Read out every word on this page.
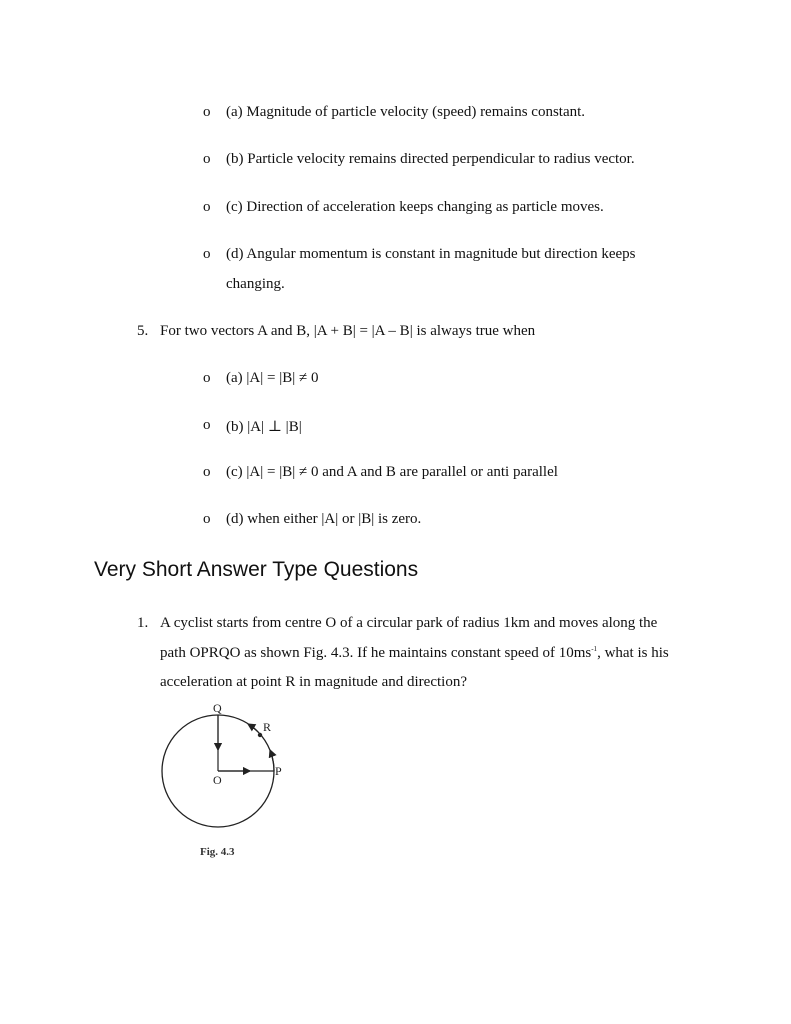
o (a) Magnitude of particle velocity (speed) remains constant.
o (b) Particle velocity remains directed perpendicular to radius vector.
o (c) Direction of acceleration keeps changing as particle moves.
o (d) Angular momentum is constant in magnitude but direction keeps
changing.
5. For two vectors A and B, |A + B| = |A – B| is always true when
o (a) |A| = |B| ≠ 0
o (b) |A| ⊥ |B|
o (c) |A| = |B| ≠ 0 and A and B are parallel or anti parallel
o (d) when either |A| or |B| is zero.
Very Short Answer Type Questions
1. A cyclist starts from centre O of a circular park of radius 1km and moves along the
path OPRQO as shown Fig. 4.3. If he maintains constant speed of $10ms^{-1}$, what is his
acceleration at point R in magnitude and direction?
Q
R
O
P
Fig. 4.3
